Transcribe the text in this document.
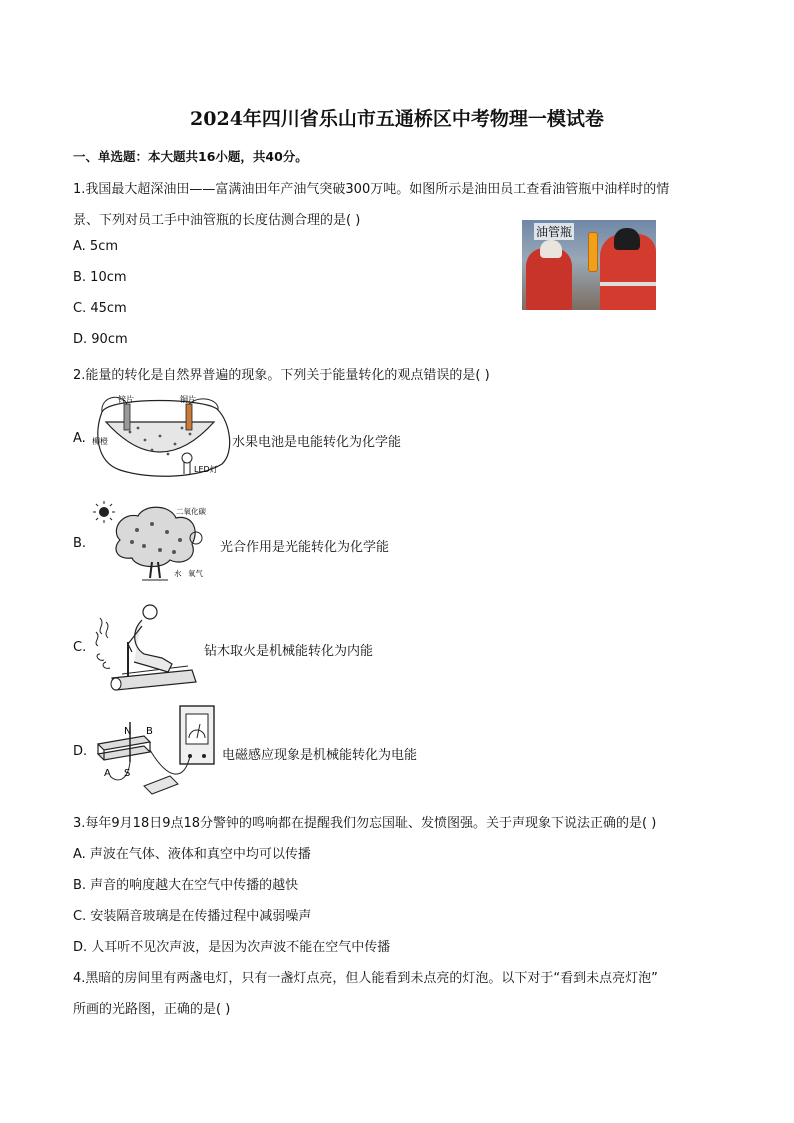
2024年四川省乐山市五通桥区中考物理一模试卷
一、单选题：本大题共16小题，共40分。
1.我国最大超深油田——富满油田年产油气突破300万吨。如图所示是油田员工查看油管瓶中油样时的情
景、下列对员工手中油管瓶的长度估测合理的是( )
油管瓶
A. 5cm
B. 10cm
C. 45cm
D. 90cm
2.能量的转化是自然界普遍的现象。下列关于能量转化的观点错误的是( )
A.
锌片	铜片
柳橙
LED灯
水果电池是电能转化为化学能
B.
二氧化碳
水 氧气
光合作用是光能转化为化学能
C.	钻木取火是机械能转化为内能
D.
N B
A S
电磁感应现象是机械能转化为电能
3.每年9月18日9点18分警钟的鸣响都在提醒我们勿忘国耻、发愤图强。关于声现象下说法正确的是( )
A. 声波在气体、液体和真空中均可以传播
B. 声音的响度越大在空气中传播的越快
C. 安装隔音玻璃是在传播过程中减弱噪声
D. 人耳听不见次声波，是因为次声波不能在空气中传播
4.黑暗的房间里有两盏电灯，只有一盏灯点亮，但人能看到未点亮的灯泡。以下对于“看到未点亮灯泡”
所画的光路图，正确的是( )
